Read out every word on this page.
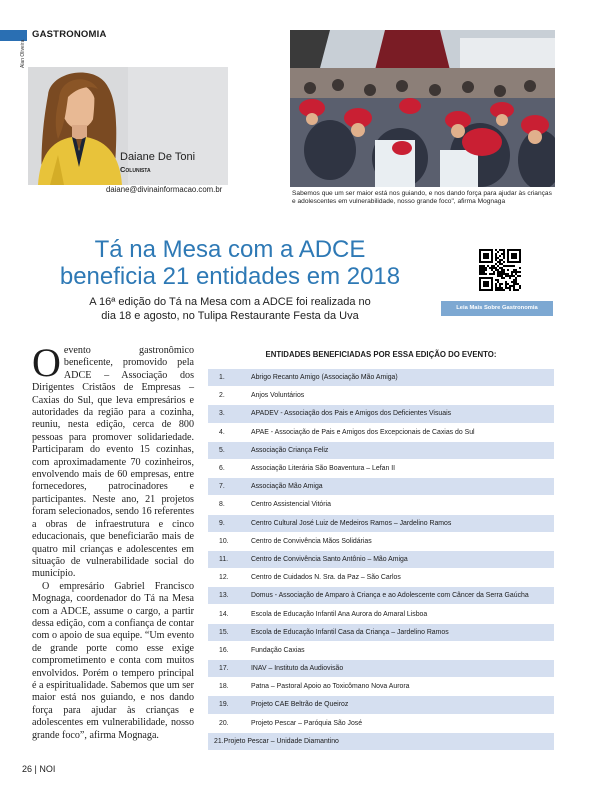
GASTRONOMIA
Alan Oliveira
Daiane De Toni
Colunista
daiane@divinainformacao.com.br	Sabemos que um ser maior está nos guiando, e nos dando força para ajudar às crianças e adolescentes em vulnerabilidade, nosso grande foco", afirma Mognaga
Tá na Mesa com a ADCE
beneficia 21 entidades em 2018
A 16ª edição do Tá na Mesa com a ADCE foi realizada no
dia 18 e agosto, no Tulipa Restaurante Festa da Uva
Leia Mais Sobre Gastronomia

Oevento gastronômico beneficente, promovido pela ADCE – Associação dos Dirigentes Cristãos de Empresas – Caxias do Sul, que leva empresários e autoridades da região para a cozinha, reuniu, nesta edição, cerca de 800 pessoas para promover solidariedade. Participaram do evento 15 cozinhas, com aproximadamente 70 cozinheiros, envolvendo mais de 60 empresas, entre fornecedores, patrocinadores e participantes. Neste ano, 21 projetos foram selecionados, sendo 16 referentes a obras de infraestrutura e cinco educacionais, que beneficiarão mais de quatro mil crianças e adolescentes em situação de vulnerabilidade social do município.

O empresário Gabriel Francisco Mognaga, coordenador do Tá na Mesa com a ADCE, assume o cargo, a partir dessa edição, com a confiança de contar com o apoio de sua equipe. “Um evento de grande porte como esse exige comprometimento e conta com muitos envolvidos. Porém o tempero principal é a espiritualidade. Sabemos que um ser maior está nos guiando, e nos dando força para ajudar às crianças e adolescentes em vulnerabilidade, nosso grande foco”, afirma Mognaga.

ENTIDADES BENEFICIADAS POR ESSA EDIÇÃO DO EVENTO:
1.	Abrigo Recanto Amigo (Associação Mão Amiga)
2.	Anjos Voluntários
3.	APADEV - Associação dos Pais e Amigos dos Deficientes Visuais
4.	APAE - Associação de Pais e Amigos dos Excepcionais de Caxias do Sul
5.	Associação Criança Feliz
6.	Associação Literária São Boaventura – Lefan II
7.	Associação Mão Amiga
8.	Centro Assistencial Vitória
9.	Centro Cultural José Luiz de Medeiros Ramos – Jardelino Ramos
10.	Centro de Convivência Mãos Solidárias
11.	Centro de Convivência Santo Antônio – Mão Amiga
12.	Centro de Cuidados N. Sra. da Paz – São Carlos
13.	Domus - Associação de Amparo à Criança e ao Adolescente com Câncer da Serra Gaúcha
14.	Escola de Educação Infantil Ana Aurora do Amaral Lisboa
15.	Escola de Educação Infantil Casa da Criança – Jardelino Ramos
16.	Fundação Caxias
17.	INAV – Instituto da Audiovisão
18.	Patna – Pastoral Apoio ao Toxicômano Nova Aurora
19.	Projeto CAE Beltrão de Queiroz
20.	Projeto Pescar – Paróquia São José
21. Projeto Pescar – Unidade Diamantino
26 | NOI
